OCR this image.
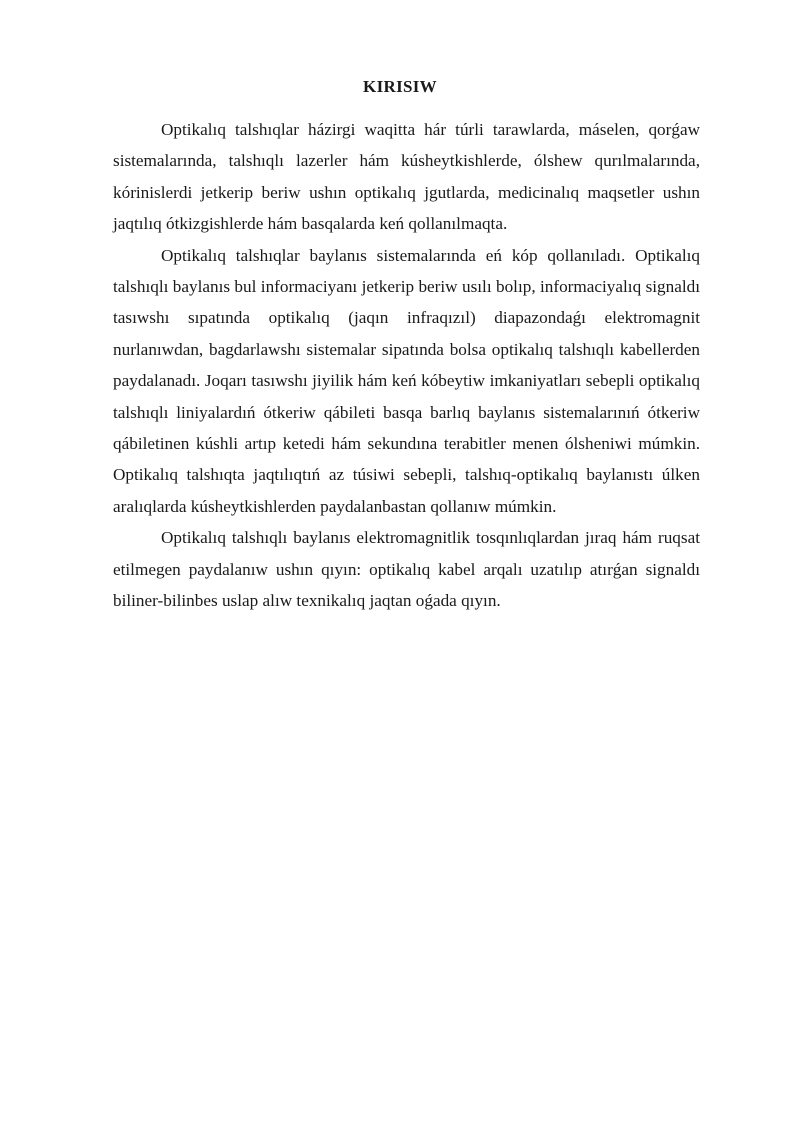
KIRISIW

Optikalıq talshıqlar házirgi waqitta hár túrli tarawlarda, máselen, qorǵaw sistemalarında, talshıqlı lazerler hám kúsheytkishlerde, ólshew qurılmalarında, kórinislerdi jetkerip beriw ushın optikalıq jgutlarda, medicinalıq maqsetler ushın jaqtılıq ótkizgishlerde hám basqalarda keń qollanılmaqta.

Optikalıq talshıqlar baylanıs sistemalarında eń kóp qollanıladı. Optikalıq talshıqlı baylanıs bul informaciyanı jetkerip beriw usılı bolıp, informaciyalıq signaldı tasıwshı sıpatında optikalıq (jaqın infraqızıl) diapazondaǵı elektromagnit nurlanıwdan, bagdarlawshı sistemalar sipatında bolsa optikalıq talshıqlı kabellerden paydalanadı. Joqarı tasıwshı jiyilik hám keń kóbeytiw imkaniyatları sebepli optikalıq talshıqlı liniyalardıń ótkeriw qábileti basqa barlıq baylanıs sistemalarınıń ótkeriw qábiletinen kúshli artıp ketedi hám sekundına terabitler menen ólsheniwi múmkin. Optikalıq talshıqta jaqtılıqtıń az túsiwi sebepli, talshıq-optikalıq baylanıstı úlken aralıqlarda kúsheytkishlerden paydalanbastan qollanıw múmkin.

Optikalıq talshıqlı baylanıs elektromagnitlik tosqınlıqlardan jıraq hám ruqsat etilmegen paydalanıw ushın qıyın: optikalıq kabel arqalı uzatılıp atırǵan signaldı biliner-bilinbes uslap alıw texnikalıq jaqtan oǵada qıyın.
